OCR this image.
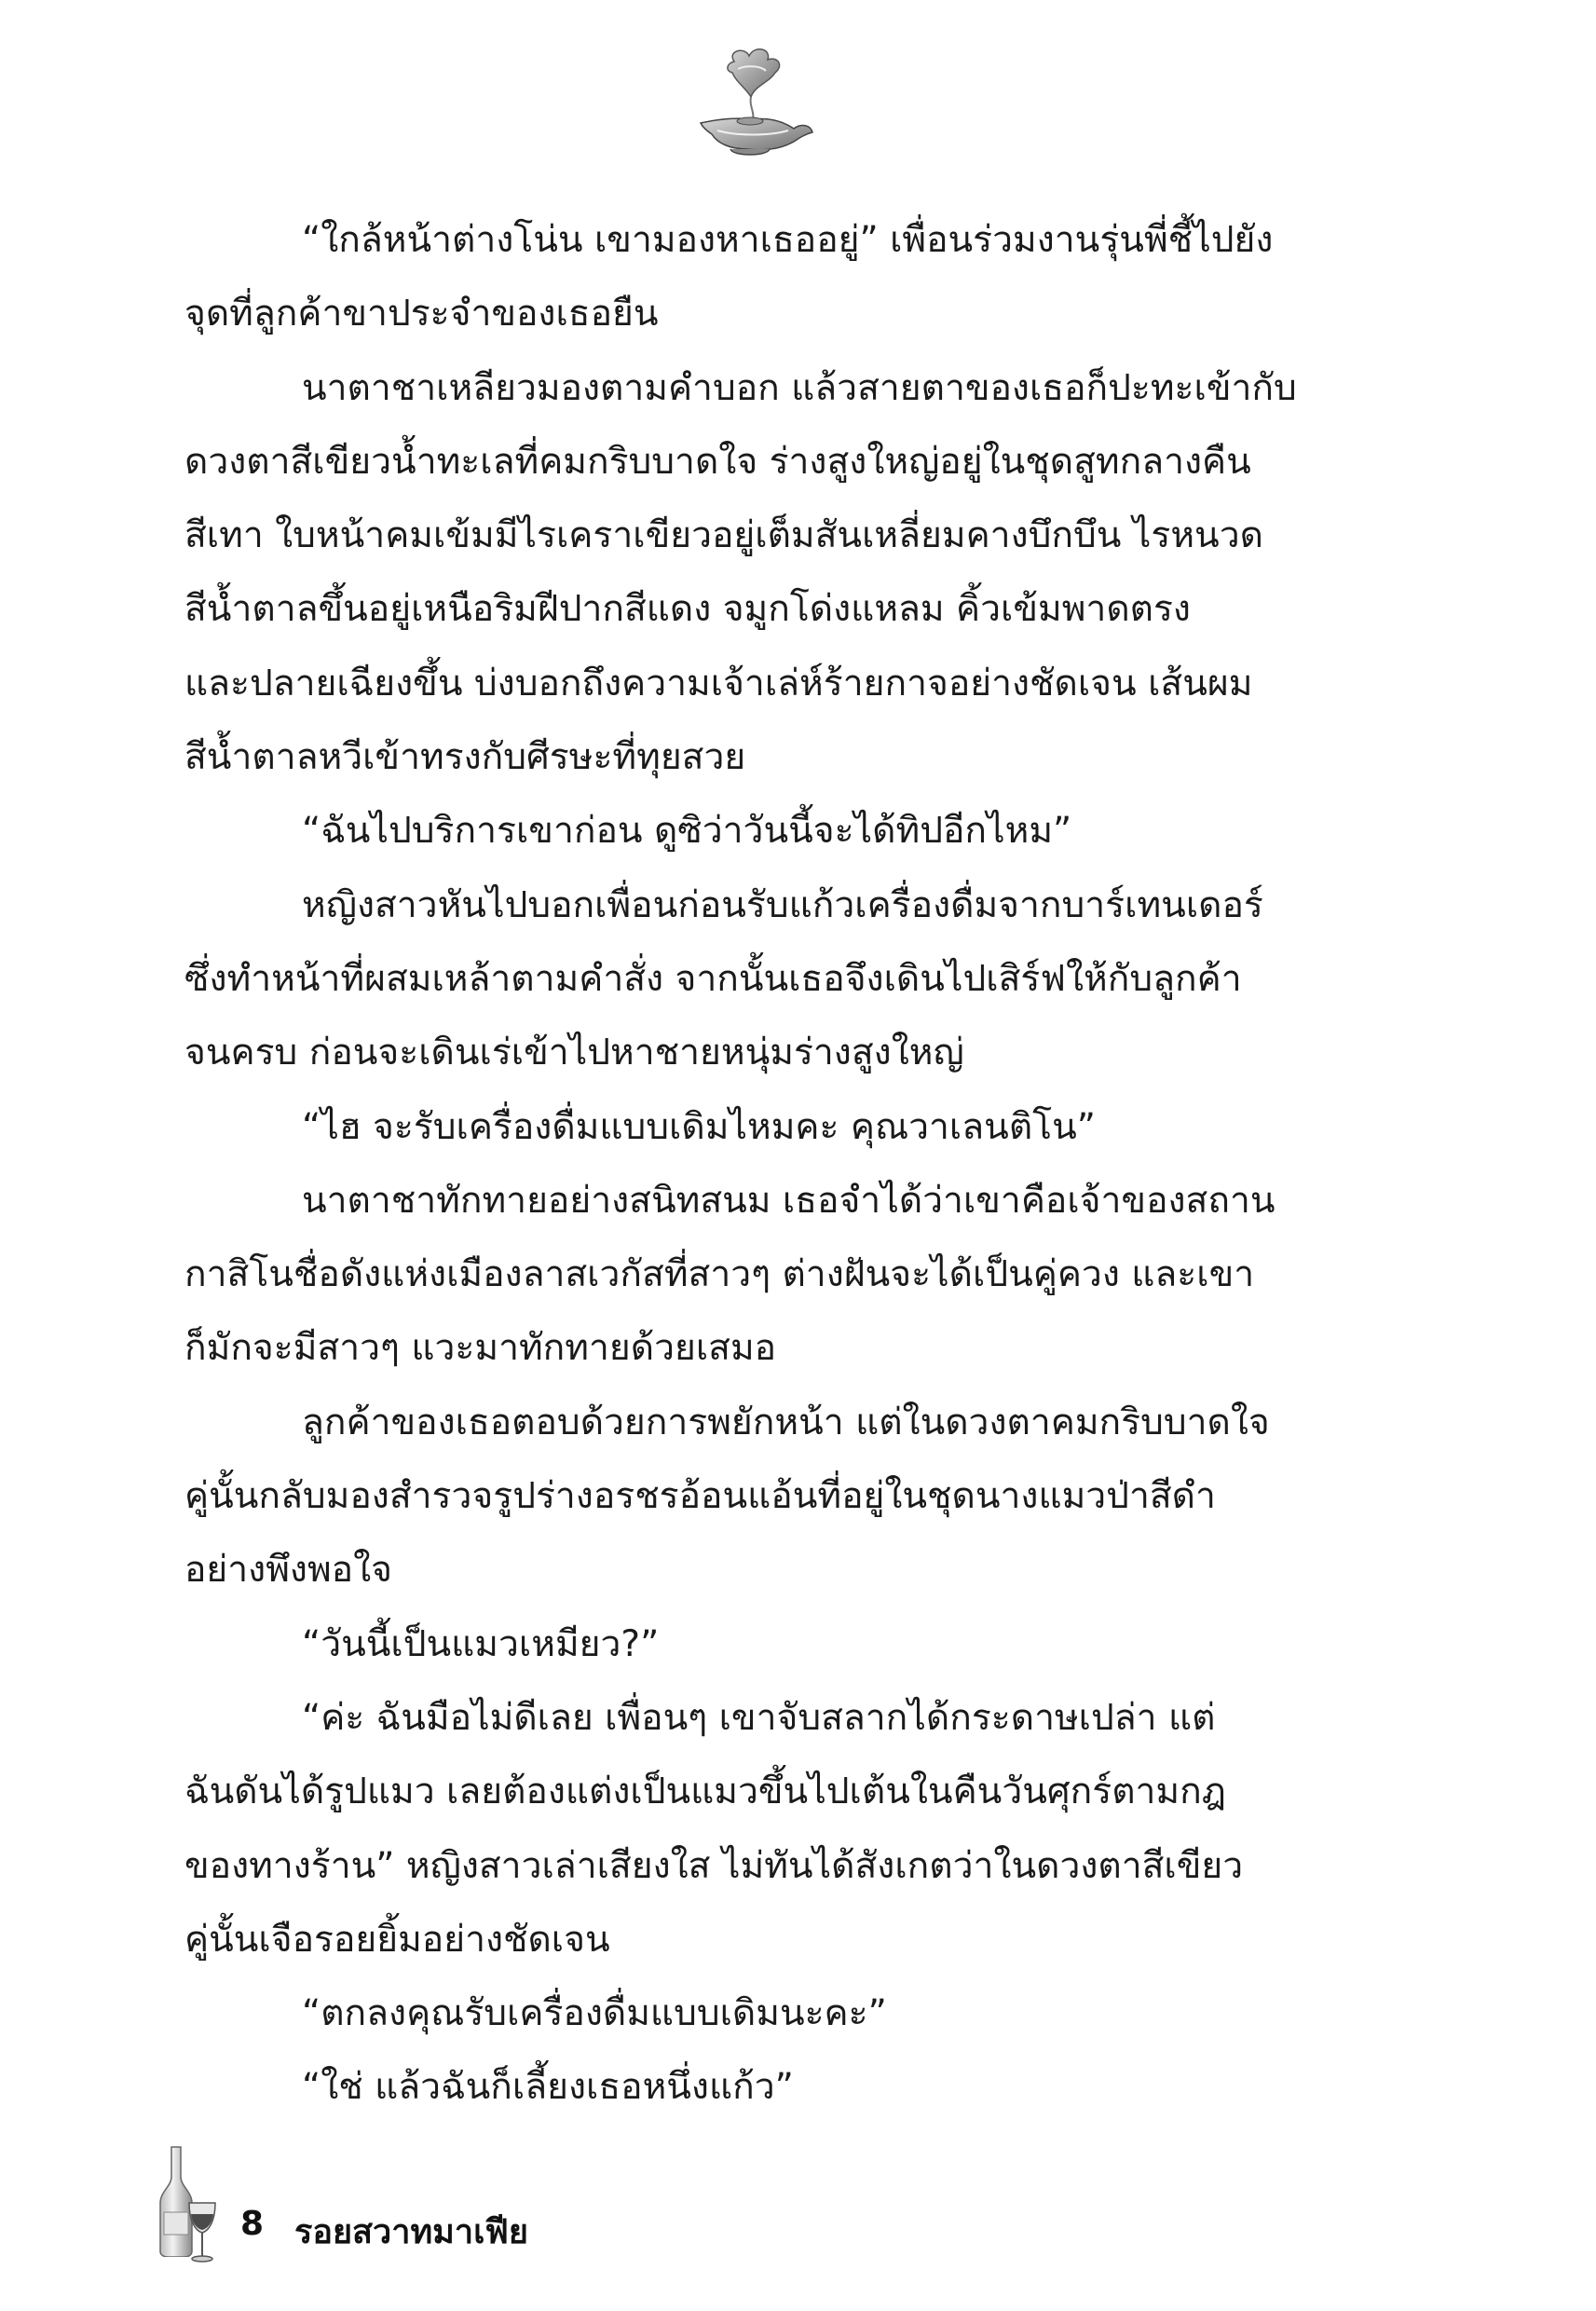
“ใกล้หน้าต่างโน่น เขามองหาเธออยู่” เพื่อนร่วมงานรุ่นพี่ชี้ไปยัง
จุดที่ลูกค้าขาประจำของเธอยืน

นาตาชาเหลียวมองตามคำบอก แล้วสายตาของเธอก็ปะทะเข้ากับ
ดวงตาสีเขียวน้ำทะเลที่คมกริบบาดใจ ร่างสูงใหญ่อยู่ในชุดสูทกลางคืน
สีเทา ใบหน้าคมเข้มมีไรเคราเขียวอยู่เต็มสันเหลี่ยมคางบึกบึน ไรหนวด
สีน้ำตาลขึ้นอยู่เหนือริมฝีปากสีแดง จมูกโด่งแหลม คิ้วเข้มพาดตรง
และปลายเฉียงขึ้น บ่งบอกถึงความเจ้าเล่ห์ร้ายกาจอย่างชัดเจน เส้นผม
สีน้ำตาลหวีเข้าทรงกับศีรษะที่ทุยสวย

“ฉันไปบริการเขาก่อน ดูซิว่าวันนี้จะได้ทิปอีกไหม”

หญิงสาวหันไปบอกเพื่อนก่อนรับแก้วเครื่องดื่มจากบาร์เทนเดอร์
ซึ่งทำหน้าที่ผสมเหล้าตามคำสั่ง จากนั้นเธอจึงเดินไปเสิร์ฟให้กับลูกค้า
จนครบ ก่อนจะเดินเร่เข้าไปหาชายหนุ่มร่างสูงใหญ่

“ไฮ จะรับเครื่องดื่มแบบเดิมไหมคะ คุณวาเลนติโน”

นาตาชาทักทายอย่างสนิทสนม เธอจำได้ว่าเขาคือเจ้าของสถาน
กาสิโนชื่อดังแห่งเมืองลาสเวกัสที่สาวๆ ต่างฝันจะได้เป็นคู่ควง และเขา
ก็มักจะมีสาวๆ แวะมาทักทายด้วยเสมอ

ลูกค้าของเธอตอบด้วยการพยักหน้า แต่ในดวงตาคมกริบบาดใจ
คู่นั้นกลับมองสำรวจรูปร่างอรชรอ้อนแอ้นที่อยู่ในชุดนางแมวป่าสีดำ
อย่างพึงพอใจ

“วันนี้เป็นแมวเหมียว?”

“ค่ะ ฉันมือไม่ดีเลย เพื่อนๆ เขาจับสลากได้กระดาษเปล่า แต่
ฉันดันได้รูปแมว เลยต้องแต่งเป็นแมวขึ้นไปเต้นในคืนวันศุกร์ตามกฎ
ของทางร้าน” หญิงสาวเล่าเสียงใส ไม่ทันได้สังเกตว่าในดวงตาสีเขียว
คู่นั้นเจือรอยยิ้มอย่างชัดเจน

“ตกลงคุณรับเครื่องดื่มแบบเดิมนะคะ”

“ใช่ แล้วฉันก็เลี้ยงเธอหนึ่งแก้ว”

8 รอยสวาทมาเฟีย
